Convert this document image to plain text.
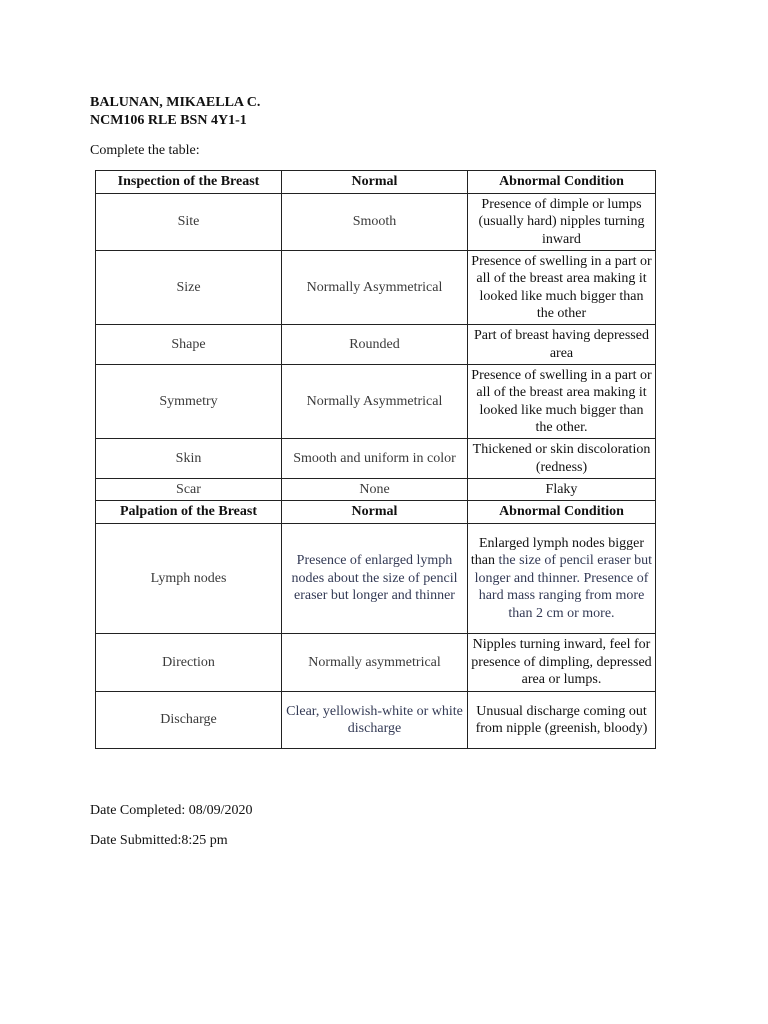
BALUNAN, MIKAELLA C.
NCM106 RLE BSN 4Y1-1
Complete the table:
Inspection of the Breast	Normal	Abnormal Condition
Site	Smooth	Presence of dimple or lumps (usually hard) nipples turning inward
Size	Normally Asymmetrical	Presence of swelling in a part or all of the breast area making it looked like much bigger than the other
Shape	Rounded	Part of breast having depressed area
Symmetry	Normally Asymmetrical	Presence of swelling in a part or all of the breast area making it looked like much bigger than the other.
Skin	Smooth and uniform in color	Thickened or skin discoloration (redness)
Scar	None	Flaky
Palpation of the Breast	Normal	Abnormal Condition
Lymph nodes	Presence of enlarged lymph nodes about the size of pencil eraser but longer and thinner	Enlarged lymph nodes bigger than the size of pencil eraser but longer and thinner. Presence of hard mass ranging from more than 2 cm or more.
Direction	Normally asymmetrical	Nipples turning inward, feel for presence of dimpling, depressed area or lumps.
Discharge	Clear, yellowish-white or white discharge	Unusual discharge coming out from nipple (greenish, bloody)
Date Completed: 08/09/2020
Date Submitted:8:25 pm
